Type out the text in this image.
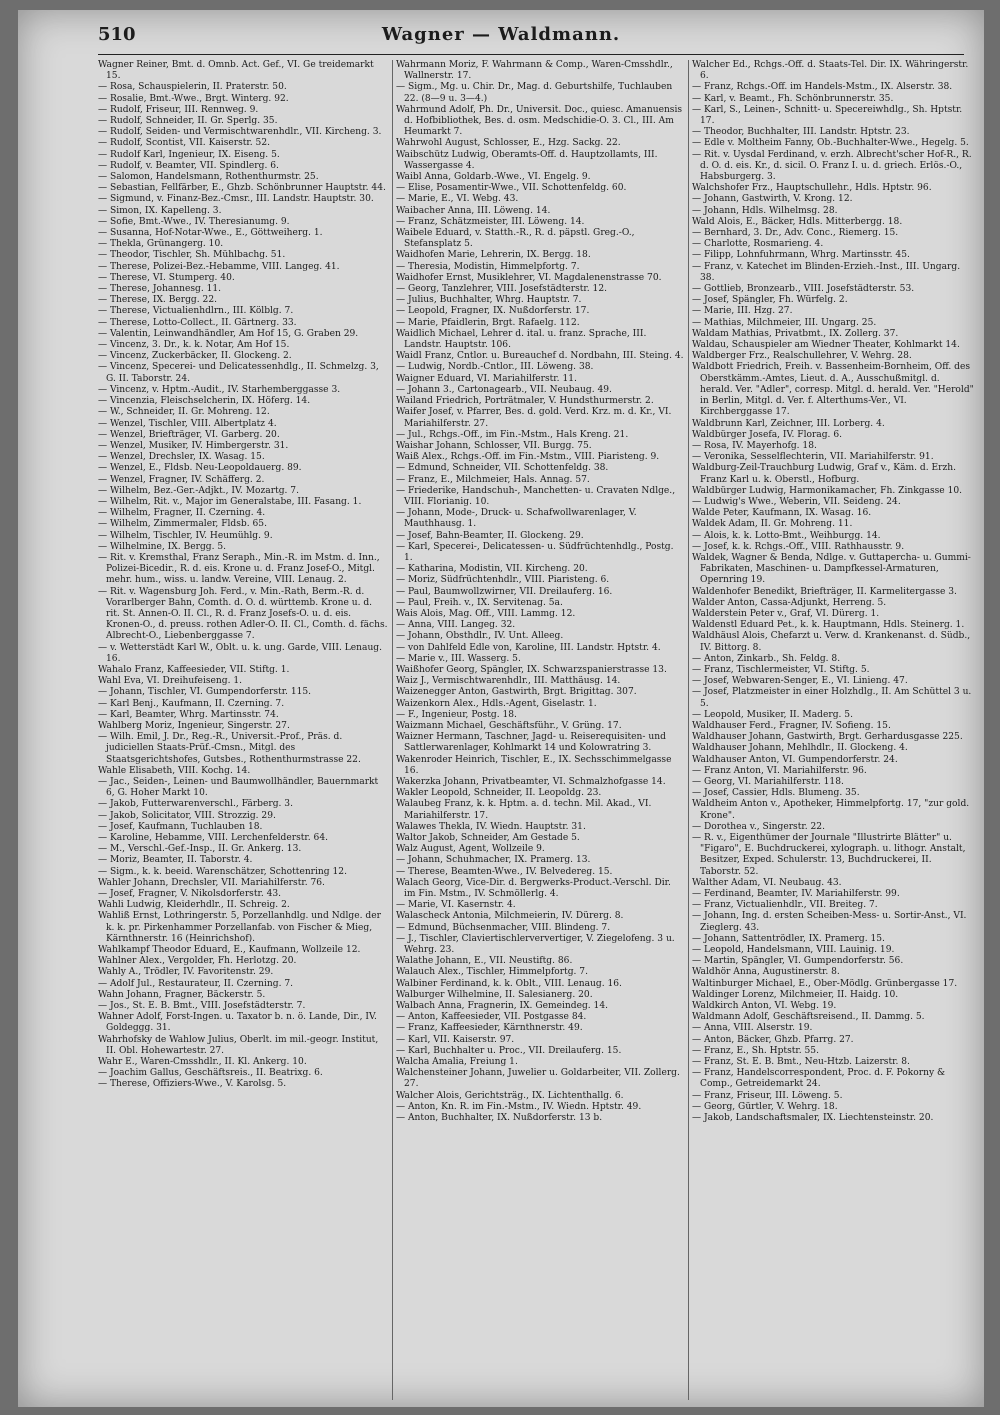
510	Wagner — Waldmann.

Wagner Reiner, Bmt. d. Omnb. Act. Gef., VI. Ge treidemarkt 15.

— Rosa, Schauspielerin, II. Praterstr. 50.

— Rosalie, Bmt.-Wwe., Brgt. Winterg. 92.

— Rudolf, Friseur, III. Rennweg. 9.

— Rudolf, Schneider, II. Gr. Sperlg. 35.

— Rudolf, Seiden- und Vermischtwarenhdlr., VII. Kircheng. 3.

— Rudolf, Scontist, VII. Kaiserstr. 52.

— Rudolf Karl, Ingenieur, IX. Eiseng. 5.

— Rudolf, v. Beamter, VII. Spindlerg. 6.

— Salomon, Handelsmann, Rothenthurmstr. 25.

— Sebastian, Fellfärber, E., Ghzb. Schönbrunner Hauptstr. 44.

— Sigmund, v. Finanz-Bez.-Cmsr., III. Landstr. Hauptstr. 30.

— Simon, IX. Kapelleng. 3.

— Sofie, Bmt.-Wwe., IV. Theresianumg. 9.

— Susanna, Hof-Notar-Wwe., E., Göttweiherg. 1.

— Thekla, Grünangerg. 10.

— Theodor, Tischler, Sh. Mühlbachg. 51.

— Therese, Polizei-Bez.-Hebamme, VIII. Langeg. 41.

— Therese, VI. Stumperg. 40.

— Therese, Johannesg. 11.

— Therese, IX. Bergg. 22.

— Therese, Victualienhdlrn., III. Kölblg. 7.

— Therese, Lotto-Collect., II. Gärtnerg. 33.

— Valentin, Leinwandhändler, Am Hof 15, G. Graben 29.

— Vincenz, 3. Dr., k. k. Notar, Am Hof 15.

— Vincenz, Zuckerbäcker, II. Glockeng. 2.

— Vincenz, Specerei- und Delicatessenhdlg., II. Schmelzg. 3, G. II. Taborstr. 24.

— Vincenz, v. Hptm.-Audit., IV. Starhemberggasse 3.

— Vincenzia, Fleischselcherin, IX. Höferg. 14.

— W., Schneider, II. Gr. Mohreng. 12.

— Wenzel, Tischler, VIII. Albertplatz 4.

— Wenzel, Briefträger, VI. Garberg. 20.

— Wenzel, Musiker, IV. Himbergerstr. 31.

— Wenzel, Drechsler, IX. Wasag. 15.

— Wenzel, E., Fldsb. Neu-Leopoldauerg. 89.

— Wenzel, Fragner, IV. Schäfferg. 2.

— Wilhelm, Bez.-Ger.-Adjkt., IV. Mozartg. 7.

— Wilhelm, Rit. v., Major im Generalstabe, III. Fasang. 1.

— Wilhelm, Fragner, II. Czerning. 4.

— Wilhelm, Zimmermaler, Fldsb. 65.

— Wilhelm, Tischler, IV. Heumühlg. 9.

— Wilhelmine, IX. Bergg. 5.

— Rit. v. Kremsthal, Franz Seraph., Min.-R. im Mstm. d. Inn., Polizei-Bicedir., R. d. eis. Krone u. d. Franz Josef-O., Mitgl. mehr. hum., wiss. u. landw. Vereine, VIII. Lenaug. 2.

— Rit. v. Wagensburg Joh. Ferd., v. Min.-Rath, Berm.-R. d. Vorarlberger Bahn, Comth. d. O. d. württemb. Krone u. d. rit. St. Annen-O. II. Cl., R. d. Franz Josefs-O. u. d. eis. Kronen-O., d. preuss. rothen Adler-O. II. Cl., Comth. d. fächs. Albrecht-O., Liebenberggasse 7.

— v. Wetterstädt Karl W., Oblt. u. k. ung. Garde, VIII. Lenaug. 16.

Wahalo Franz, Kaffeesieder, VII. Stiftg. 1.

Wahl Eva, VI. Dreihufeiseng. 1.

— Johann, Tischler, VI. Gumpendorferstr. 115.

— Karl Benj., Kaufmann, II. Czerning. 7.

— Karl, Beamter, Whrg. Martinsstr. 74.

Wahlberg Moriz, Ingenieur, Singerstr. 27.

— Wilh. Emil, J. Dr., Reg.-R., Universit.-Prof., Präs. d. judiciellen Staats-Prüf.-Cmsn., Mitgl. des Staatsgerichtshofes, Gutsbes., Rothenthurmstrasse 22.

Wahle Elisabeth, VIII. Kochg. 14.

— Jac., Seiden-, Leinen- und Baumwollhändler, Bauernmarkt 6, G. Hoher Markt 10.

— Jakob, Futterwarenverschl., Färberg. 3.

— Jakob, Solicitator, VIII. Strozzig. 29.

— Josef, Kaufmann, Tuchlauben 18.

— Karoline, Hebamme, VIII. Lerchenfelderstr. 64.

— M., Verschl.-Gef.-Insp., II. Gr. Ankerg. 13.

— Moriz, Beamter, II. Taborstr. 4.

— Sigm., k. k. beeid. Warenschätzer, Schottenring 12.

Wahler Johann, Drechsler, VII. Mariahilferstr. 76.

— Josef, Fragner, V. Nikolsdorferstr. 43.

Wahli Ludwig, Kleiderhdlr., II. Schreig. 2.

Wahliß Ernst, Lothringerstr. 5, Porzellanhdlg. und Ndlge. der k. k. pr. Pirkenhammer Porzellanfab. von Fischer & Mieg, Kärnthnerstr. 16 (Heinrichshof).

Wahlkampf Theodor Eduard, E., Kaufmann, Wollzeile 12.

Wahlner Alex., Vergolder, Fh. Herlotzg. 20.

Wahly A., Trödler, IV. Favoritenstr. 29.

— Adolf Jul., Restaurateur, II. Czerning. 7.

Wahn Johann, Fragner, Bäckerstr. 5.

— Jos., St. E. B. Bmt., VIII. Josefstädterstr. 7.

Wahner Adolf, Forst-Ingen. u. Taxator b. n. ö. Lande, Dir., IV. Goldeggg. 31.

Wahrhofsky de Wahlow Julius, Oberlt. im mil.-geogr. Institut, II. Obl. Hohewartestr. 27.

Wahr E., Waren-Cmsshdlr., II. Kl. Ankerg. 10.

— Joachim Gallus, Geschäftsreis., II. Beatrixg. 6.

— Therese, Offiziers-Wwe., V. Karolsg. 5.

Wahrmann Moriz, F. Wahrmann & Comp., Waren-Cmsshdlr., Wallnerstr. 17.

— Sigm., Mg. u. Chir. Dr., Mag. d. Geburtshilfe, Tuchlauben 22. (8—9 u. 3—4.)

Wahrmund Adolf, Ph. Dr., Universit. Doc., quiesc. Amanuensis d. Hofbibliothek, Bes. d. osm. Medschidie-O. 3. Cl., III. Am Heumarkt 7.

Wahrwohl August, Schlosser, E., Hzg. Sackg. 22.

Waibschütz Ludwig, Oberamts-Off. d. Hauptzollamts, III. Wassergasse 4.

Waibl Anna, Goldarb.-Wwe., VI. Engelg. 9.

— Elise, Posamentir-Wwe., VII. Schottenfeldg. 60.

— Marie, E., VI. Webg. 43.

Waibacher Anna, III. Löweng. 14.

— Franz, Schätzmeister, III. Löweng. 14.

Waibele Eduard, v. Statth.-R., R. d. päpstl. Greg.-O., Stefansplatz 5.

Waidhofen Marie, Lehrerin, IX. Bergg. 18.

— Theresia, Modistin, Himmelpfortg. 7.

Waidhofer Ernst, Musiklehrer, VI. Magdalenenstrasse 70.

— Georg, Tanzlehrer, VIII. Josefstädterstr. 12.

— Julius, Buchhalter, Whrg. Hauptstr. 7.

— Leopold, Fragner, IX. Nußdorferstr. 17.

— Marie, Pfaidlerin, Brgt. Rafaelg. 112.

Waidlich Michael, Lehrer d. ital. u. franz. Sprache, III. Landstr. Hauptstr. 106.

Waidl Franz, Cntlor. u. Bureauchef d. Nordbahn, III. Steing. 4.

— Ludwig, Nordb.-Cntlor., III. Löweng. 38.

Waigner Eduard, VI. Mariahilferstr. 11.

— Johann 3., Cartonagearb., VII. Neubaug. 49.

Wailand Friedrich, Porträtmaler, V. Hundsthurmerstr. 2.

Waifer Josef, v. Pfarrer, Bes. d. gold. Verd. Krz. m. d. Kr., VI. Mariahilferstr. 27.

— Jul., Rchgs.-Off., im Fin.-Mstm., Hals Kreng. 21.

Waishar Johann, Schlosser, VII. Burgg. 75.

Waiß Alex., Rchgs.-Off. im Fin.-Mstm., VIII. Piaristeng. 9.

— Edmund, Schneider, VII. Schottenfeldg. 38.

— Franz, E., Milchmeier, Hals. Annag. 57.

— Friederike, Handschuh-, Manchetten- u. Cravaten Ndlge., VIII. Florianig. 10.

— Johann, Mode-, Druck- u. Schafwollwarenlager, V. Mauthhausg. 1.

— Josef, Bahn-Beamter, II. Glockeng. 29.

— Karl, Specerei-, Delicatessen- u. Südfrüchtenhdlg., Postg. 1.

— Katharina, Modistin, VII. Kircheng. 20.

— Moriz, Südfrüchtenhdlr., VIII. Piaristeng. 6.

— Paul, Baumwollzwirner, VII. Dreilauferg. 16.

— Paul, Freih. v., IX. Servitenag. 5a.

Wais Alois, Mag. Off., VIII. Lammg. 12.

— Anna, VIII. Langeg. 32.

— Johann, Obsthdlr., IV. Unt. Alleeg.

— von Dahlfeld Edle von, Karoline, III. Landstr. Hptstr. 4.

— Marie v., III. Wasserg. 5.

Waißhofer Georg, Spängler, IX. Schwarzspanierstrasse 13.

Waiz J., Vermischtwarenhdlr., III. Matthäusg. 14.

Waizenegger Anton, Gastwirth, Brgt. Brigittag. 307.

Waizenkorn Alex., Hdls.-Agent, Giselastr. 1.

— F., Ingenieur, Postg. 18.

Waizmann Michael, Geschäftsführ., V. Grüng. 17.

Waizner Hermann, Taschner, Jagd- u. Reiserequisiten- und Sattlerwarenlager, Kohlmarkt 14 und Kolowratring 3.

Wakenroder Heinrich, Tischler, E., IX. Sechsschimmelgasse 16.

Wakerzka Johann, Privatbeamter, VI. Schmalzhofgasse 14.

Wakler Leopold, Schneider, II. Leopoldg. 23.

Walaubeg Franz, k. k. Hptm. a. d. techn. Mil. Akad., VI. Mariahilferstr. 17.

Walawes Thekla, IV. Wiedn. Hauptstr. 31.

Waltor Jakob, Schneider, Am Gestade 5.

Walz August, Agent, Wollzeile 9.

— Johann, Schuhmacher, IX. Pramerg. 13.

— Therese, Beamten-Wwe., IV. Belvedereg. 15.

Walach Georg, Vice-Dir. d. Bergwerks-Product.-Verschl. Dir. im Fin. Mstm., IV. Schmöllerlg. 4.

— Marie, VI. Kasernstr. 4.

Walascheck Antonia, Milchmeierin, IV. Dürerg. 8.

— Edmund, Büchsenmacher, VIII. Blindeng. 7.

— J., Tischler, Claviertischlerververtiger, V. Ziegelofeng. 3 u. Wehrg. 23.

Walathe Johann, E., VII. Neustiftg. 86.

Walauch Alex., Tischler, Himmelpfortg. 7.

Walbiner Ferdinand, k. k. Oblt., VIII. Lenaug. 16.

Walburger Wilhelmine, II. Salesianerg. 20.

Walbach Anna, Fragnerin, IX. Gemeindeg. 14.

— Anton, Kaffeesieder, VII. Postgasse 84.

— Franz, Kaffeesieder, Kärnthnerstr. 49.

— Karl, VII. Kaiserstr. 97.

— Karl, Buchhalter u. Proc., VII. Dreilauferg. 15.

Walcha Amalia, Freiung 1.

Walchensteiner Johann, Juwelier u. Goldarbeiter, VII. Zollerg. 27.

Walcher Alois, Gerichtsträg., IX. Lichtenthallg. 6.

— Anton, Kn. R. im Fin.-Mstm., IV. Wiedn. Hptstr. 49.

— Anton, Buchhalter, IX. Nußdorferstr. 13 b.

Walcher Ed., Rchgs.-Off. d. Staats-Tel. Dir. IX. Währingerstr. 6.

— Franz, Rchgs.-Off. im Handels-Mstm., IX. Alserstr. 38.

— Karl, v. Beamt., Fh. Schönbrunnerstr. 35.

— Karl, S., Leinen-, Schnitt- u. Specereiwhdlg., Sh. Hptstr. 17.

— Theodor, Buchhalter, III. Landstr. Hptstr. 23.

— Edle v. Moltheim Fanny, Ob.-Buchhalter-Wwe., Hegelg. 5.

— Rit. v. Uysdal Ferdinand, v. erzh. Albrecht'scher Hof-R., R. d. O. d. eis. Kr., d. sicil. O. Franz I. u. d. griech. Erlös.-O., Habsburgerg. 3.

Walchshofer Frz., Hauptschullehr., Hdls. Hptstr. 96.

— Johann, Gastwirth, V. Krong. 12.

— Johann, Hdls. Wilhelmsg. 28.

Wald Alois, E., Bäcker, Hdls. Mitterbergg. 18.

— Bernhard, 3. Dr., Adv. Conc., Riemerg. 15.

— Charlotte, Rosmarieng. 4.

— Filipp, Lohnfuhrmann, Whrg. Martinsstr. 45.

— Franz, v. Katechet im Blinden-Erzieh.-Inst., III. Ungarg. 38.

— Gottlieb, Bronzearb., VIII. Josefstädterstr. 53.

— Josef, Spängler, Fh. Würfelg. 2.

— Marie, III. Hzg. 27.

— Mathias, Milchmeier, III. Ungarg. 25.

Waldam Mathias, Privatbmt., IX. Zollerg. 37.

Waldau, Schauspieler am Wiedner Theater, Kohlmarkt 14.

Waldberger Frz., Realschullehrer, V. Wehrg. 28.

Waldbott Friedrich, Freih. v. Bassenheim-Bornheim, Off. des Oberstkämm.-Amtes, Lieut. d. A., Ausschußmitgl. d. herald. Ver. "Adler", corresp. Mitgl. d. herald. Ver. "Herold" in Berlin, Mitgl. d. Ver. f. Alterthums-Ver., VI. Kirchberggasse 17.

Waldbrunn Karl, Zeichner, III. Lorberg. 4.

Waldbürger Josefa, IV. Florag. 6.

— Rosa, IV. Mayerhofg. 18.

— Veronika, Sesselflechterin, VII. Mariahilferstr. 91.

Waldburg-Zeil-Trauchburg Ludwig, Graf v., Käm. d. Erzh. Franz Karl u. k. Oberstl., Hofburg.

Waldbürger Ludwig, Harmonikamacher, Fh. Zinkgasse 10.

— Ludwig's Wwe., Weberin, VII. Seideng. 24.

Walde Peter, Kaufmann, IX. Wasag. 16.

Waldek Adam, II. Gr. Mohreng. 11.

— Alois, k. k. Lotto-Bmt., Weihburgg. 14.

— Josef, k. k. Rchgs.-Off., VIII. Rathhausstr. 9.

Waldek, Wagner & Benda, Ndlge. v. Guttapercha- u. Gummi-Fabrikaten, Maschinen- u. Dampfkessel-Armaturen, Opernring 19.

Waldenhofer Benedikt, Briefträger, II. Karmelitergasse 3.

Walder Anton, Cassa-Adjunkt, Herreng. 5.

Walderstein Peter v., Graf, VI. Dürerg. 1.

Waldenstl Eduard Pet., k. k. Hauptmann, Hdls. Steinerg. 1.

Waldhäusl Alois, Chefarzt u. Verw. d. Krankenanst. d. Südb., IV. Bittorg. 8.

— Anton, Zinkarb., Sh. Feldg. 8.

— Franz, Tischlermeister, VI. Stiftg. 5.

— Josef, Webwaren-Senger, E., VI. Linieng. 47.

— Josef, Platzmeister in einer Holzhdlg., II. Am Schüttel 3 u. 5.

— Leopold, Musiker, II. Maderg. 5.

Waldhauser Ferd., Fragner, IV. Sofieng. 15.

Waldhauser Johann, Gastwirth, Brgt. Gerhardusgasse 225.

Waldhauser Johann, Mehlhdlr., II. Glockeng. 4.

Waldhauser Anton, VI. Gumpendorferstr. 24.

— Franz Anton, VI. Mariahilferstr. 96.

— Georg, VI. Mariahilferstr. 118.

— Josef, Cassier, Hdls. Blumeng. 35.

Waldheim Anton v., Apotheker, Himmelpfortg. 17, "zur gold. Krone".

— Dorothea v., Singerstr. 22.

— R. v., Eigenthümer der Journale "Illustrirte Blätter" u. "Figaro", E. Buchdruckerei, xylograph. u. lithogr. Anstalt, Besitzer, Exped. Schulerstr. 13, Buchdruckerei, II. Taborstr. 52.

Walther Adam, VI. Neubaug. 43.

— Ferdinand, Beamter, IV. Mariahilferstr. 99.

— Franz, Victualienhdlr., VII. Breiteg. 7.

— Johann, Ing. d. ersten Scheiben-Mess- u. Sortir-Anst., VI. Zieglerg. 43.

— Johann, Sattentrödler, IX. Pramerg. 15.

— Leopold, Handelsmann, VIII. Lauinig. 19.

— Martin, Spängler, VI. Gumpendorferstr. 56.

Waldhör Anna, Augustinerstr. 8.

Waltinburger Michael, E., Ober-Mödlg. Grünbergasse 17.

Waldinger Lorenz, Milchmeier, II. Haidg. 10.

Waldkirch Anton, VI. Webg. 19.

Waldmann Adolf, Geschäftsreisend., II. Dammg. 5.

— Anna, VIII. Alserstr. 19.

— Anton, Bäcker, Ghzb. Pfarrg. 27.

— Franz, E., Sh. Hptstr. 55.

— Franz, St. E. B. Bmt., Neu-Htzb. Laizerstr. 8.

— Franz, Handelscorrespondent, Proc. d. F. Pokorny & Comp., Getreidemarkt 24.

— Franz, Friseur, III. Löweng. 5.

— Georg, Gürtler, V. Wehrg. 18.

— Jakob, Landschaftsmaler, IX. Liechtensteinstr. 20.
